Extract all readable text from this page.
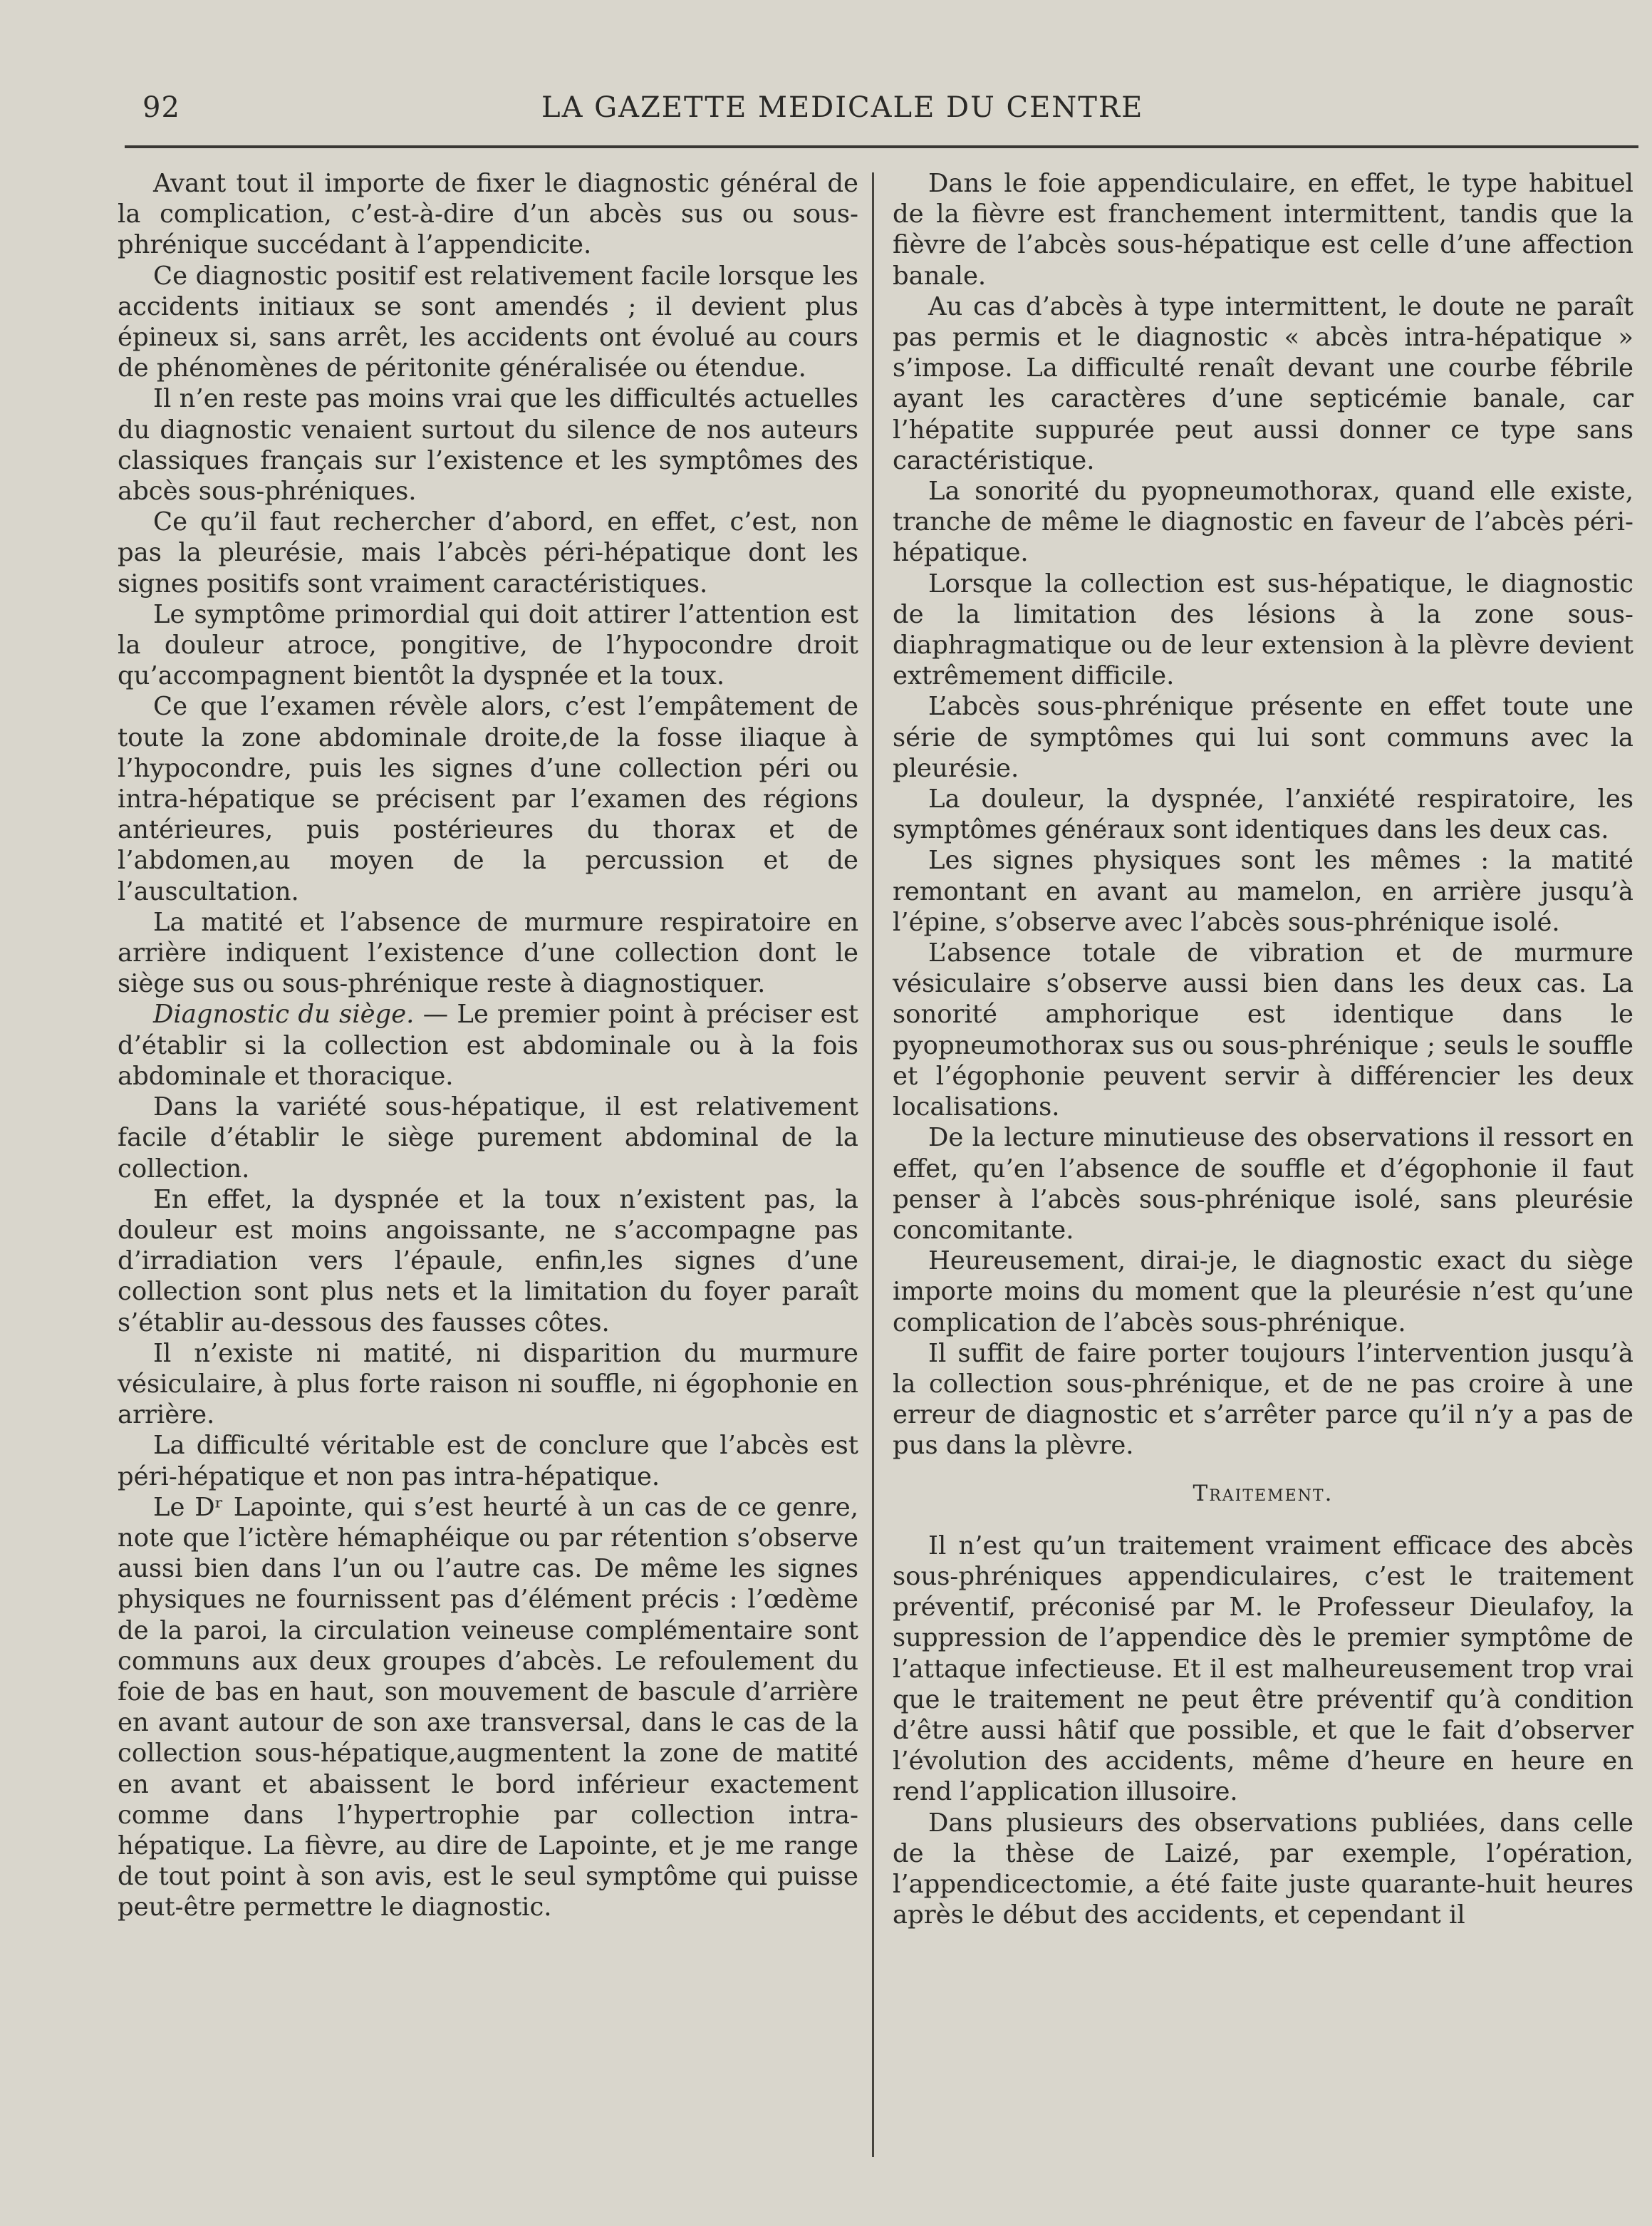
92	LA GAZETTE MEDICALE DU CENTRE

Avant tout il importe de fixer le diagnostic général de la complication, c’est-à-dire d’un abcès sus ou sous-phrénique succédant à l’appendicite.

Ce diagnostic positif est relativement facile lorsque les accidents initiaux se sont amendés ; il devient plus épineux si, sans arrêt, les accidents ont évolué au cours de phénomènes de péritonite généralisée ou étendue.

Il n’en reste pas moins vrai que les difficultés actuelles du diagnostic venaient surtout du silence de nos auteurs classiques français sur l’existence et les symptômes des abcès sous-phréniques.

Ce qu’il faut rechercher d’abord, en effet, c’est, non pas la pleurésie, mais l’abcès péri-hépatique dont les signes positifs sont vraiment caractéristiques.

Le symptôme primordial qui doit attirer l’attention est la douleur atroce, pongitive, de l’hypocondre droit qu’accompagnent bientôt la dyspnée et la toux.

Ce que l’examen révèle alors, c’est l’empâtement de toute la zone abdominale droite,de la fosse iliaque à l’hypocondre, puis les signes d’une collection péri ou intra-hépatique se précisent par l’examen des régions antérieures, puis postérieures du thorax et de l’abdomen,au moyen de la percussion et de l’auscultation.

La matité et l’absence de murmure respiratoire en arrière indiquent l’existence d’une collection dont le siège sus ou sous-phrénique reste à diagnostiquer.

Diagnostic du siège. — Le premier point à préciser est d’établir si la collection est abdominale ou à la fois abdominale et thoracique.

Dans la variété sous-hépatique, il est relativement facile d’établir le siège purement abdominal de la collection.

En effet, la dyspnée et la toux n’existent pas, la douleur est moins angoissante, ne s’accompagne pas d’irradiation vers l’épaule, enfin,les signes d’une collection sont plus nets et la limitation du foyer paraît s’établir au-dessous des fausses côtes.

Il n’existe ni matité, ni disparition du murmure vésiculaire, à plus forte raison ni souffle, ni égophonie en arrière.

La difficulté véritable est de conclure que l’abcès est péri-hépatique et non pas intra-hépatique.

Le Dʳ Lapointe, qui s’est heurté à un cas de ce genre, note que l’ictère hémaphéique ou par rétention s’observe aussi bien dans l’un ou l’autre cas. De même les signes physiques ne fournissent pas d’élément précis : l’œdème de la paroi, la circulation veineuse complémentaire sont communs aux deux groupes d’abcès. Le refoulement du foie de bas en haut, son mouvement de bascule d’arrière en avant autour de son axe transversal, dans le cas de la collection sous-hépatique,augmentent la zone de matité en avant et abaissent le bord inférieur exactement comme dans l’hypertrophie par collection intra-hépatique. La fièvre, au dire de Lapointe, et je me range de tout point à son avis, est le seul symptôme qui puisse peut-être permettre le diagnostic.

Dans le foie appendiculaire, en effet, le type habituel de la fièvre est franchement intermittent, tandis que la fièvre de l’abcès sous-hépatique est celle d’une affection banale.

Au cas d’abcès à type intermittent, le doute ne paraît pas permis et le diagnostic « abcès intra-hépatique » s’impose. La difficulté renaît devant une courbe fébrile ayant les caractères d’une septicémie banale, car l’hépatite suppurée peut aussi donner ce type sans caractéristique.

La sonorité du pyopneumothorax, quand elle existe, tranche de même le diagnostic en faveur de l’abcès péri-hépatique.

Lorsque la collection est sus-hépatique, le diagnostic de la limitation des lésions à la zone sous-diaphragmatique ou de leur extension à la plèvre devient extrêmement difficile.

L’abcès sous-phrénique présente en effet toute une série de symptômes qui lui sont communs avec la pleurésie.

La douleur, la dyspnée, l’anxiété respiratoire, les symptômes généraux sont identiques dans les deux cas.

Les signes physiques sont les mêmes : la matité remontant en avant au mamelon, en arrière jusqu’à l’épine, s’observe avec l’abcès sous-phrénique isolé.

L’absence totale de vibration et de murmure vésiculaire s’observe aussi bien dans les deux cas. La sonorité amphorique est identique dans le pyopneumothorax sus ou sous-phrénique ; seuls le souffle et l’égophonie peuvent servir à différencier les deux localisations.

De la lecture minutieuse des observations il ressort en effet, qu’en l’absence de souffle et d’égophonie il faut penser à l’abcès sous-phrénique isolé, sans pleurésie concomitante.

Heureusement, dirai-je, le diagnostic exact du siège importe moins du moment que la pleurésie n’est qu’une complication de l’abcès sous-phrénique.

Il suffit de faire porter toujours l’intervention jusqu’à la collection sous-phrénique, et de ne pas croire à une erreur de diagnostic et s’arrêter parce qu’il n’y a pas de pus dans la plèvre.

Traitement.

Il n’est qu’un traitement vraiment efficace des abcès sous-phréniques appendiculaires, c’est le traitement préventif, préconisé par M. le Professeur Dieulafoy, la suppression de l’appendice dès le premier symptôme de l’attaque infectieuse. Et il est malheureusement trop vrai que le traitement ne peut être préventif qu’à condition d’être aussi hâtif que possible, et que le fait d’observer l’évolution des accidents, même d’heure en heure en rend l’application illusoire.

Dans plusieurs des observations publiées, dans celle de la thèse de Laizé, par exemple, l’opération, l’appendicectomie, a été faite juste quarante-huit heures après le début des accidents, et cependant il
